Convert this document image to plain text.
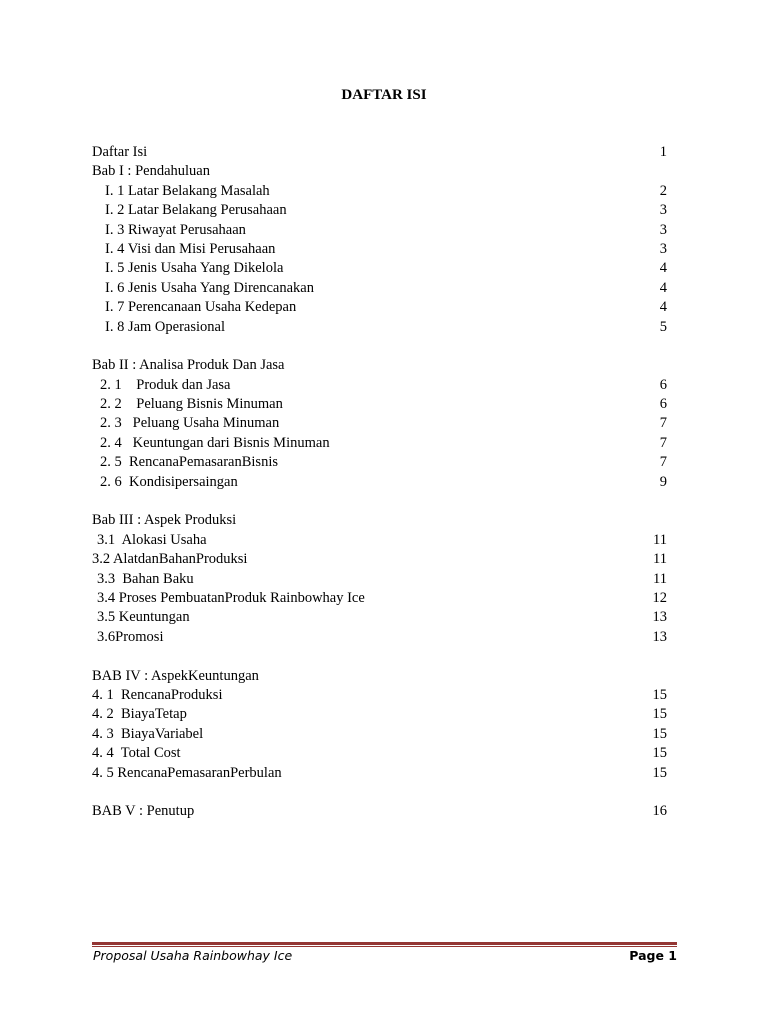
DAFTAR ISI
Daftar Isi	1
Bab I : Pendahuluan
I. 1 Latar Belakang Masalah	2
I. 2 Latar Belakang Perusahaan	3
I. 3 Riwayat Perusahaan	3
I. 4 Visi dan Misi Perusahaan	3
I. 5 Jenis Usaha Yang Dikelola	4
I. 6 Jenis Usaha Yang Direncanakan	4
I. 7 Perencanaan Usaha Kedepan	4
I. 8 Jam Operasional	5
Bab II : Analisa Produk Dan Jasa
2. 1    Produk dan Jasa	6
2. 2    Peluang Bisnis Minuman	6
2. 3   Peluang Usaha Minuman	7
2. 4   Keuntungan dari Bisnis Minuman	7
2. 5  RencanaPemasaranBisnis	7
2. 6  Kondisipersaingan	9
Bab III : Aspek Produksi
3.1  Alokasi Usaha	11
3.2 AlatdanBahanProduksi	11
3.3  Bahan Baku	11
3.4 Proses PembuatanProduk Rainbowhay Ice	12
3.5 Keuntungan	13
3.6Promosi	13
BAB IV : AspekKeuntungan
4. 1  RencanaProduksi	15
4. 2  BiayaTetap	15
4. 3  BiayaVariabel	15
4. 4  Total Cost	15
4. 5 RencanaPemasaranPerbulan	15
BAB V : Penutup	16
Proposal Usaha Rainbowhay Ice	Page 1
